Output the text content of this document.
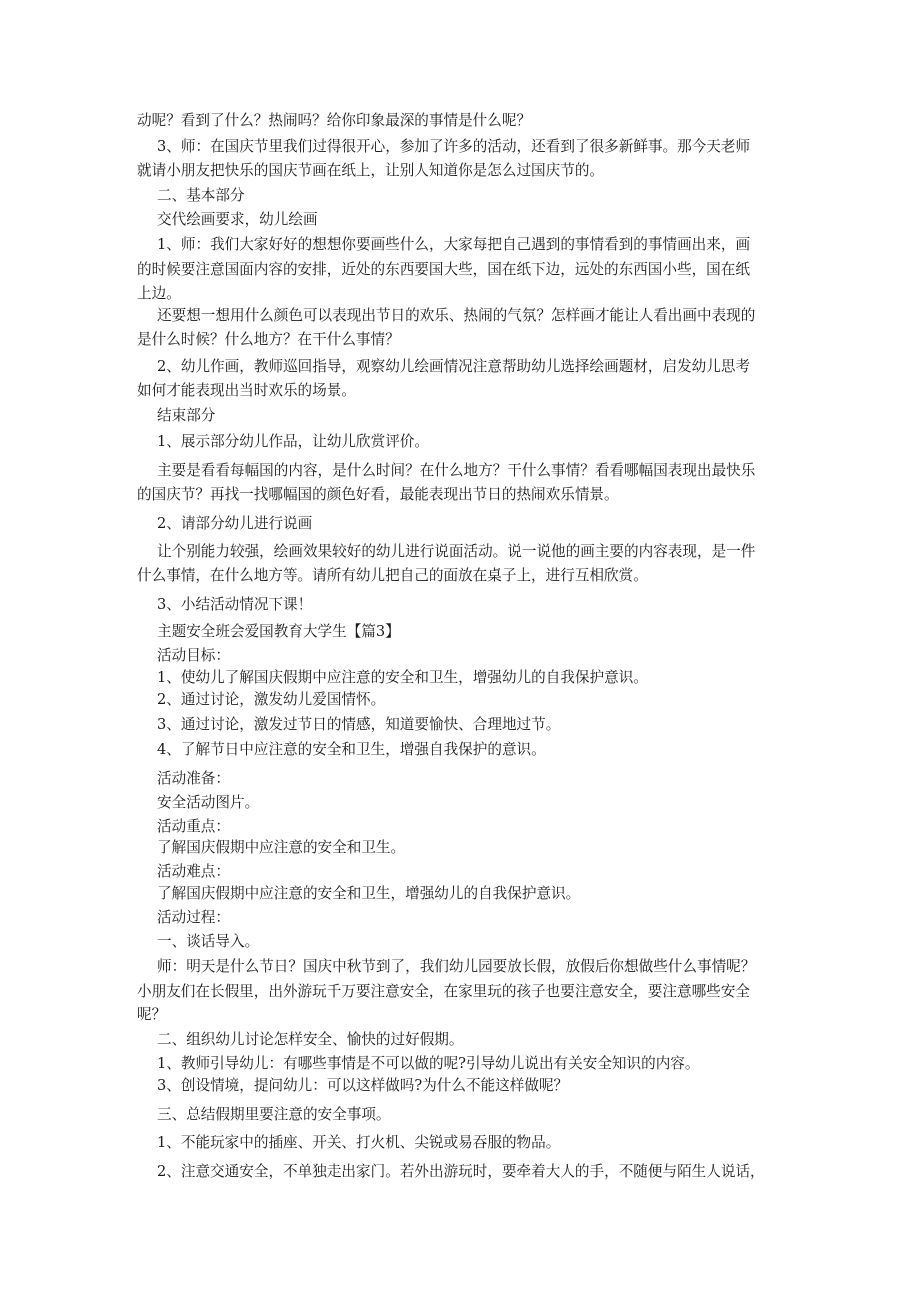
动呢？看到了什么？热闹吗？给你印象最深的事情是什么呢？

3、师：在国庆节里我们过得很开心，参加了许多的活动，还看到了很多新鲜事。那今天老师

就请小朋友把快乐的国庆节画在纸上，让别人知道你是怎么过国庆节的。

二、基本部分

交代绘画要求，幼儿绘画

1、师：我们大家好好的想想你要画些什么，大家每把自己遇到的事情看到的事情画出来，画

的时候要注意国面内容的安排，近处的东西要国大些，国在纸下边，远处的东西国小些，国在纸

上边。

还要想一想用什么颜色可以表现出节日的欢乐、热闹的气氛？怎样画才能让人看出画中表现的

是什么时候？什么地方？在干什么事情？

2、幼儿作画，教师巡回指导，观察幼儿绘画情况注意帮助幼儿选择绘画题材，启发幼儿思考

如何才能表现出当时欢乐的场景。

结束部分

1、展示部分幼儿作品，让幼儿欣赏评价。

主要是看看每幅国的内容，是什么时间？在什么地方？干什么事情？看看哪幅国表现出最快乐

的国庆节？再找一找哪幅国的颜色好看，最能表现出节日的热闹欢乐情景。

2、请部分幼儿进行说画

让个别能力较强，绘画效果较好的幼儿进行说面活动。说一说他的画主要的内容表现，是一件

什么事情，在什么地方等。请所有幼儿把自己的面放在桌子上，进行互相欣赏。

3、小结活动情况下课！

主题安全班会爱国教育大学生【篇3】

活动目标：

1、使幼儿了解国庆假期中应注意的安全和卫生，增强幼儿的自我保护意识。

2、通过讨论，激发幼儿爱国情怀。

3、通过讨论，激发过节日的情感，知道要愉快、合理地过节。

4、了解节日中应注意的安全和卫生，增强自我保护的意识。

活动准备：

安全活动图片。

活动重点：

了解国庆假期中应注意的安全和卫生。

活动难点：

了解国庆假期中应注意的安全和卫生，增强幼儿的自我保护意识。

活动过程：

一、谈话导入。

师：明天是什么节日？国庆中秋节到了，我们幼儿园要放长假，放假后你想做些什么事情呢？

小朋友们在长假里，出外游玩千万要注意安全，在家里玩的孩子也要注意安全，要注意哪些安全

呢？

二、组织幼儿讨论怎样安全、愉快的过好假期。

1、教师引导幼儿：有哪些事情是不可以做的呢?引导幼儿说出有关安全知识的内容。

3、创设情境，提问幼儿：可以这样做吗?为什么不能这样做呢？

三、总结假期里要注意的安全事项。

1、不能玩家中的插座、开关、打火机、尖锐或易吞服的物品。

2、注意交通安全，不单独走出家门。若外出游玩时，要牵着大人的手，不随便与陌生人说话，
